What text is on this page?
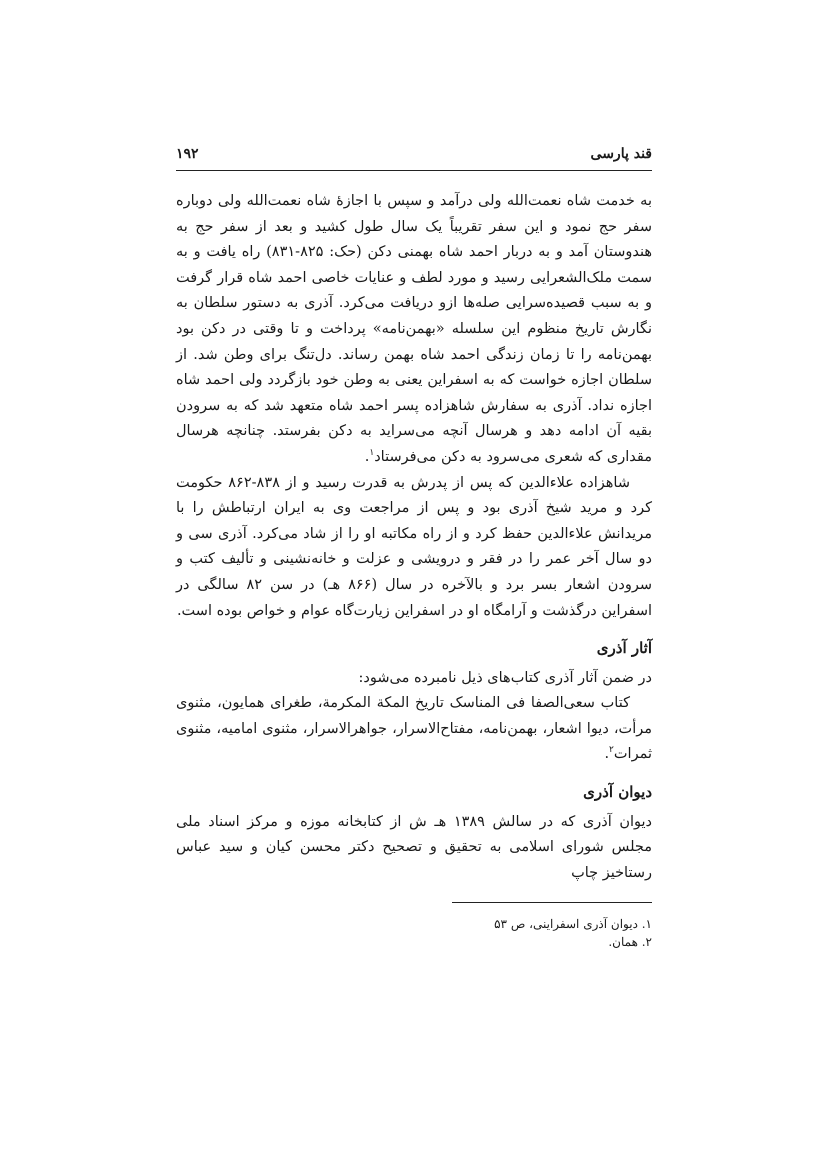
قند پارسی
۱۹۲

به خدمت شاه نعمت‌الله ولی درآمد و سپس با اجازهٔ شاه نعمت‌الله ولی دوباره سفر حج نمود و این سفر تقریباً یک سال طول کشید و بعد از سفر حج به هندوستان آمد و به دربار احمد شاه بهمنی دکن (حک: ۸۲۵-۸۳۱) راه یافت و به سمت ملک‌الشعرایی رسید و مورد لطف و عنایات خاصی احمد شاه قرار گرفت و به سبب قصیده‌سرایی صله‌ها ازو دریافت می‌کرد. آذری به دستور سلطان به نگارش تاریخ منظوم این سلسله «بهمن‌نامه» پرداخت و تا وقتی در دکن بود بهمن‌نامه را تا زمان زندگی احمد شاه بهمن رساند. دل‌تنگ برای وطن شد. از سلطان اجازه خواست که به اسفراین یعنی به وطن خود بازگردد ولی احمد شاه اجازه نداد. آذری به سفارش شاهزاده پسر احمد شاه متعهد شد که به سرودن بقیه آن ادامه دهد و هرسال آنچه می‌سراید به دکن بفرستد. چنانچه هرسال مقداری که شعری می‌سرود به دکن می‌فرستاد$^۱$.

شاهزاده علاءالدین که پس از پدرش به قدرت رسید و از ۸۳۸-۸۶۲ حکومت کرد و مرید شیخ آذری بود و پس از مراجعت وی به ایران ارتباطش را با مریدانش علاءالدین حفظ کرد و از راه مکاتبه او را از شاد می‌کرد. آذری سی و دو سال آخر عمر را در فقر و درویشی و عزلت و خانه‌نشینی و تألیف کتب و سرودن اشعار بسر برد و بالآخره در سال (۸۶۶ هـ) در سن ۸۲ سالگی در اسفراین درگذشت و آرامگاه او در اسفراین زیارت‌گاه عوام و خواص بوده است.

آثار آذری

در ضمن آثار آذری کتاب‌های ذیل نامبرده می‌شود:

کتاب سعی‌الصفا فی المناسک تاریخ المکة المکرمة، طغرای همایون، مثنوی مرأت، دیوا اشعار، بهمن‌نامه، مفتاح‌الاسرار، جواهرالاسرار، مثنوی امامیه، مثنوی ثمرات$^۲$.

دیوان آذری

دیوان آذری که در سالش ۱۳۸۹ هـ ش از کتابخانه موزه و مرکز اسناد ملی مجلس شورای اسلامی به تحقیق و تصحیح دکتر محسن کیان و سید عباس رستاخیز چاپ

۱. دیوان آذری اسفراینی، ص ۵۳
۲. همان.
